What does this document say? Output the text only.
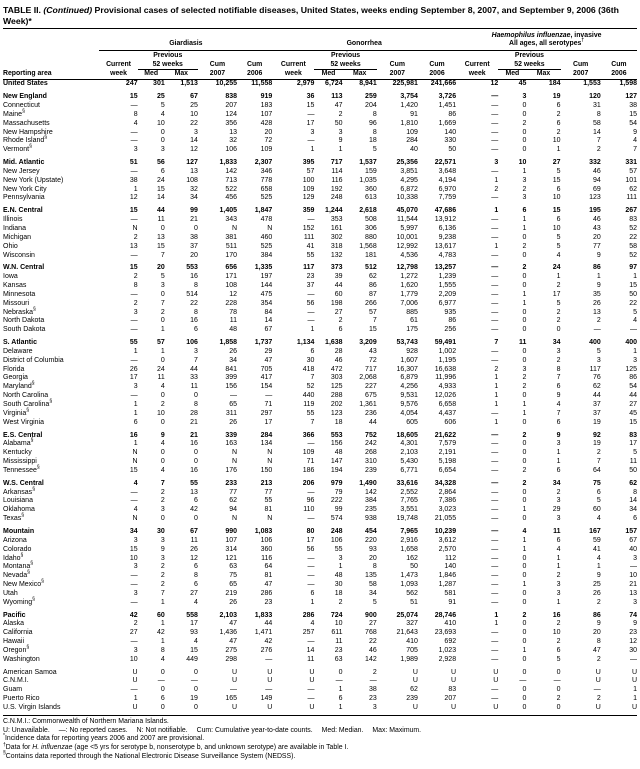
TABLE II. (Continued) Provisional cases of selected notifiable diseases, United States, weeks ending September 8, 2007, and September 9, 2006 (36th Week)*
Reporting area	Giardiasis					Gonorrhea					Haemophilus influenzae, invasive
All ages, all serotypes†

		Previous					Previous					Previous			
	Current	52 weeks		Cum	Cum	Current	52 weeks		Cum	Cum	Current	52 weeks		Cum	Cum
	week	Med	Max	2007	2006	week	Med	Max	2007	2006	week	Med	Max	2007	2006
United States	247	301	1,513	10,255	11,558	2,979	6,724	8,941	225,981	241,666	12	45	184	1,553	1,598

New England	15	25	67	838	919	36	113	259	3,754	3,726	—	3	19	120	127
Connecticut	—	5	25	207	183	15	47	204	1,420	1,451	—	0	6	31	38
Maine§	8	4	10	124	107	—	2	8	91	86	—	0	2	8	15
Massachusetts	4	10	22	356	428	17	50	96	1,810	1,669	—	2	6	58	54
New Hampshire	—	0	3	13	20	3	3	8	109	140	—	0	2	14	9
Rhode Island§	—	0	14	32	72	—	9	18	284	330	—	0	10	7	4
Vermont§	3	3	12	106	109	1	1	5	40	50	—	0	1	2	7

Mid. Atlantic	51	56	127	1,833	2,307	395	717	1,537	25,356	22,571	3	10	27	332	331
New Jersey	—	6	13	142	346	57	114	159	3,851	3,648	—	1	5	46	57
New York (Upstate)	38	24	108	713	778	100	116	1,035	4,295	4,194	1	3	15	94	101
New York City	1	15	32	522	658	109	192	360	6,872	6,970	2	2	6	69	62
Pennsylvania	12	14	34	456	525	129	248	613	10,338	7,759	—	3	10	123	111

E.N. Central	15	44	99	1,405	1,847	359	1,244	2,618	45,070	47,686	1	6	15	195	267
Illinois	—	11	21	343	478	—	353	508	11,544	13,912	—	1	6	46	83
Indiana	N	0	0	N	N	152	161	306	5,997	6,136	—	1	10	43	52
Michigan	2	13	38	381	460	111	302	880	10,001	9,238	—	0	5	20	22
Ohio	13	15	37	511	525	41	318	1,568	12,992	13,617	1	2	5	77	58
Wisconsin	—	7	20	170	384	55	132	181	4,536	4,783	—	0	4	9	52

W.N. Central	15	20	553	656	1,335	117	373	512	12,798	13,257	—	2	24	86	97
Iowa	2	5	16	171	197	23	39	62	1,272	1,239	—	0	1	1	1
Kansas	8	3	8	108	144	37	44	86	1,620	1,555	—	0	2	9	15
Minnesota	—	0	514	12	475	—	60	87	1,779	2,209	—	1	17	35	50
Missouri	2	7	22	228	354	56	198	266	7,006	6,977	—	1	5	26	22
Nebraska§	3	2	8	78	84	—	27	57	885	935	—	0	2	13	5
North Dakota	—	0	16	11	14	—	2	7	61	86	—	0	2	2	4
South Dakota	—	1	6	48	67	1	6	15	175	256	—	0	0	—	—

S. Atlantic	55	57	106	1,858	1,737	1,134	1,638	3,209	53,743	59,491	7	11	34	400	400
Delaware	1	1	3	26	29	6	28	43	928	1,002	—	0	3	5	1
District of Columbia	—	0	7	34	47	30	46	72	1,607	1,195	—	0	2	3	3
Florida	26	24	44	841	705	418	472	717	16,307	16,638	2	3	8	117	125
Georgia	17	11	33	399	417	7	303	2,068	6,879	11,996	1	2	7	76	86
Maryland§	3	4	11	156	154	52	125	227	4,256	4,933	1	2	6	62	54
North Carolina	—	0	0	—	—	440	288	675	9,531	12,026	1	0	9	44	44
South Carolina§	1	2	8	65	71	119	202	1,361	9,576	6,658	1	1	4	37	27
Virginia§	1	10	28	311	297	55	123	236	4,054	4,437	—	1	7	37	45
West Virginia	6	0	21	26	17	7	18	44	605	606	1	0	6	19	15

E.S. Central	16	9	21	339	284	366	553	752	18,605	21,622	—	2	9	92	83
Alabama§	1	4	16	163	134	—	156	242	4,301	7,579	—	0	3	19	17
Kentucky	N	0	0	N	N	109	48	268	2,103	2,191	—	0	1	2	5
Mississippi	N	0	0	N	N	71	147	310	5,430	5,198	—	0	1	7	11
Tennessee§	15	4	16	176	150	186	194	239	6,771	6,654	—	2	6	64	50

W.S. Central	4	7	55	233	213	206	979	1,490	33,616	34,328	—	2	34	75	62
Arkansas§	—	2	13	77	77	—	79	142	2,552	2,864	—	0	2	6	8
Louisiana	—	2	6	62	55	96	222	384	7,765	7,386	—	0	3	5	14
Oklahoma	4	3	42	94	81	110	99	235	3,551	3,023	—	1	29	60	34
Texas§	N	0	0	N	N	—	574	938	19,748	21,055	—	0	3	4	6

Mountain	34	30	67	990	1,083	80	248	454	7,965	10,239	—	4	11	167	157
Arizona	3	3	11	107	106	17	106	220	2,916	3,612	—	1	6	59	67
Colorado	15	9	26	314	360	56	55	93	1,658	2,570	—	1	4	41	40
Idaho§	10	3	12	121	116	—	3	20	162	112	—	0	1	4	3
Montana§	3	2	6	63	64	—	1	8	50	140	—	0	1	1	—
Nevada§	—	2	8	75	81	—	48	135	1,473	1,846	—	0	2	9	10
New Mexico§	—	2	6	65	47	—	30	58	1,093	1,287	—	1	3	25	21
Utah	3	7	27	219	286	6	18	34	562	581	—	0	3	26	13
Wyoming§	—	1	4	26	23	1	2	5	51	91	—	0	1	2	3

Pacific	42	60	558	2,103	1,833	286	724	900	25,074	28,746	1	2	16	86	74
Alaska	2	1	17	47	44	4	10	27	327	410	1	0	2	9	9
California	27	42	93	1,436	1,471	257	611	768	21,643	23,693	—	0	10	20	23
Hawaii	—	1	4	47	42	—	11	22	410	692	—	0	2	8	12
Oregon§	3	8	15	275	276	14	23	46	705	1,023	—	1	6	47	30
Washington	10	4	449	298	—	11	63	142	1,989	2,928	—	0	5	2	—

American Samoa	U	0	0	U	U	U	0	2	U	U	U	0	0	U	U
C.N.M.I.	U	—	—	U	U	U	—	—	U	U	U	—	—	U	U
Guam	—	0	0	—	—	—	1	38	62	83	—	0	0	—	1
Puerto Rico	1	6	19	165	149	—	6	23	239	207	—	0	2	2	1
U.S. Virgin Islands	U	0	0	U	U	U	1	3	U	U	U	0	0	U	U
C.N.M.I.: Commonwealth of Northern Mariana Islands.
U: Unavailable. —: No reported cases. N: Not notifiable. Cum: Cumulative year-to-date counts. Med: Median. Max: Maximum.
*Incidence data for reporting years 2006 and 2007 are provisional.
†Data for H. influenzae (age <5 yrs for serotype b, nonserotype b, and unknown serotype) are available in Table I.
§Contains data reported through the National Electronic Disease Surveillance System (NEDSS).
